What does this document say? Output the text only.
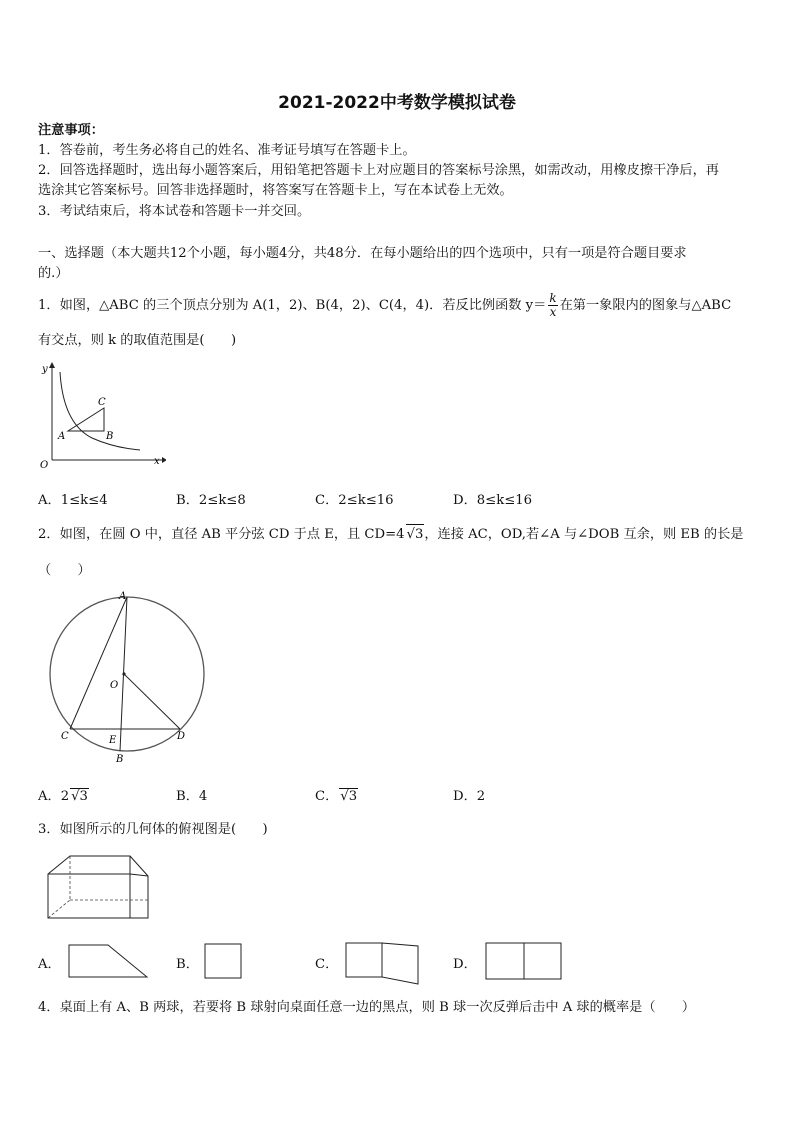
2021-2022中考数学模拟试卷
注意事项：
1．答卷前，考生务必将自己的姓名、准考证号填写在答题卡上。
2．回答选择题时，选出每小题答案后，用铅笔把答题卡上对应题目的答案标号涂黑，如需改动，用橡皮擦干净后，再
选涂其它答案标号。回答非选择题时，将答案写在答题卡上，写在本试卷上无效。
3．考试结束后，将本试卷和答题卡一并交回。
一、选择题（本大题共12个小题，每小题4分，共48分．在每小题给出的四个选项中，只有一项是符合题目要求
的.）
1．如图，△ABC 的三个顶点分别为 A(1，2)、B(4，2)、C(4，4)．若反比例函数 $y= \frac{k}{x}$ 在第一象限内的图象与△ABC
有交点，则 k 的取值范围是(　　)
y
x
O
A	B
C
A．1≤k≤4	B．2≤k≤8	C．2≤k≤16	D．8≤k≤16
2．如图，在圆 O 中，直径 AB 平分弦 CD 于点 E，且 CD=4 √3，连接 AC，OD,若∠A 与∠DOB 互余，则 EB 的长是
（　　）
A
O
C	D
E
B
A．2 √3	B．4	C． √3	D．2
3．如图所示的几何体的俯视图是(　　)
A．	B．	C．	D．
4．桌面上有 A、B 两球，若要将 B 球射向桌面任意一边的黑点，则 B 球一次反弹后击中 A 球的概率是（　　）
